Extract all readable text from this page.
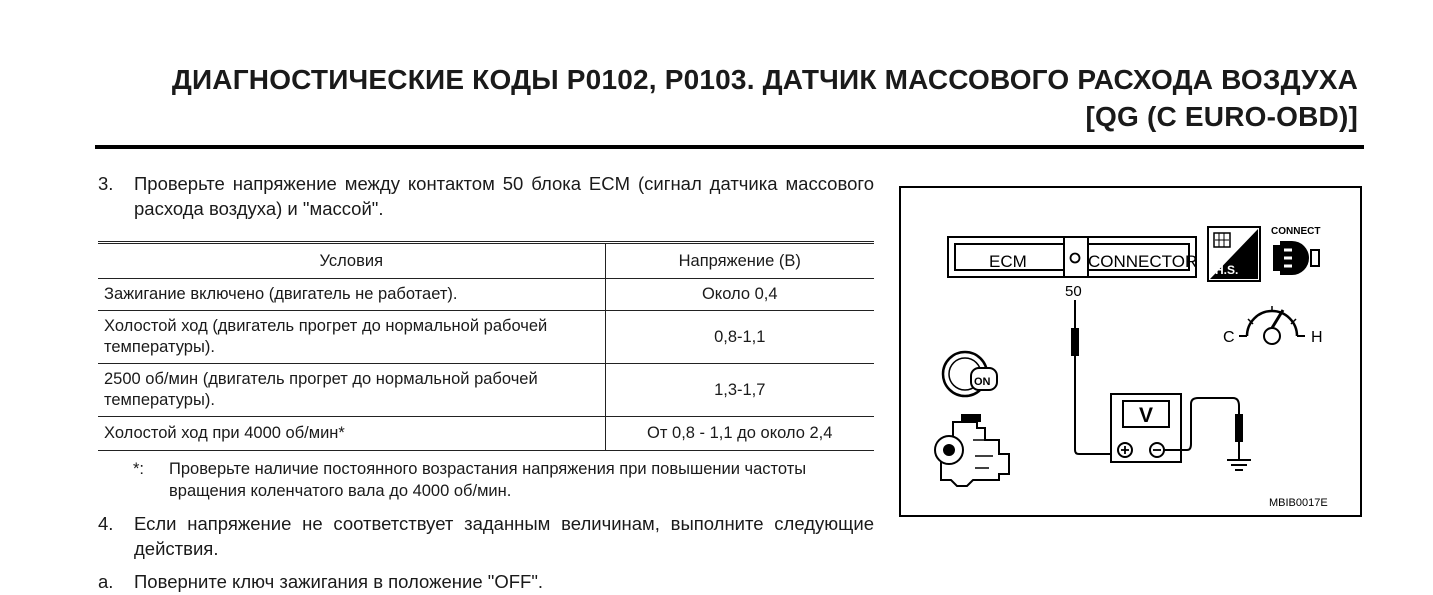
ДИАГНОСТИЧЕСКИЕ КОДЫ P0102, P0103. ДАТЧИК МАССОВОГО РАСХОДА ВОЗДУХА
[QG (С EURO-OBD)]
3. Проверьте напряжение между контактом 50 блока ECM (сигнал датчика массового расхода воздуха) и "массой".
Условия	Напряжение (В)
Зажигание включено (двигатель не работает).	Около 0,4
Холостой ход (двигатель прогрет до нормальной рабочей температуры).	0,8-1,1
2500 об/мин (двигатель прогрет до нормальной рабочей температуры).	1,3-1,7
Холостой ход при 4000 об/мин*	От 0,8 - 1,1 до около 2,4
*: Проверьте наличие постоянного возрастания напряжения при повышении частоты вращения коленчатого вала до 4000 об/мин.
4. Если напряжение не соответствует заданным величинам, выполните следующие действия.
a. Поверните ключ зажигания в положение "OFF".
ECM	CONNECTOR H.S.
CONNECT
50
V
C	H
ON
MBIB0017E
